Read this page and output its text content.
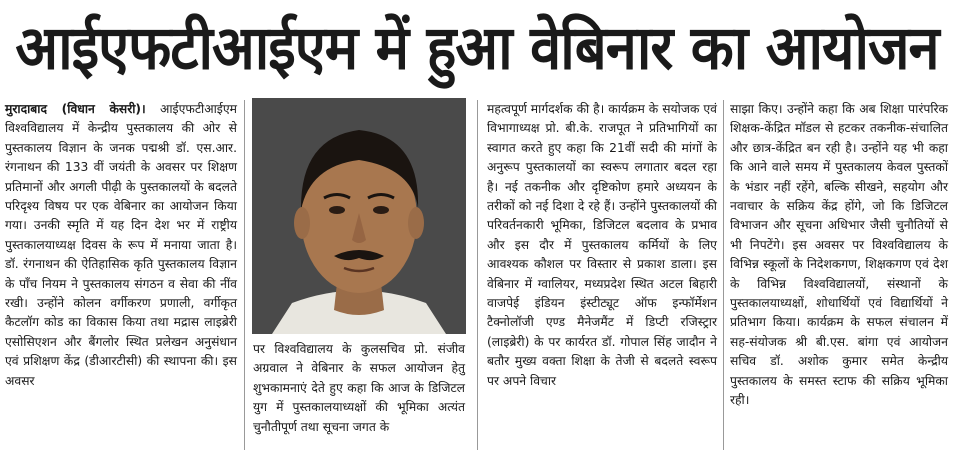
आईएफटीआईएम में हुआ वेबिनार का आयोजन

मुरादाबाद (विधान केसरी)। आईएफटीआईएम विश्वविद्यालय में केन्द्रीय पुस्तकालय की ओर से पुस्तकालय विज्ञान के जनक पद्मश्री डॉ. एस.आर. रंगनाथन की 133 वीं जयंती के अवसर पर शिक्षण प्रतिमानों और अगली पीढ़ी के पुस्तकालयों के बदलते परिदृश्य विषय पर एक वेबिनार का आयोजन किया गया। उनकी स्मृति में यह दिन देश भर में राष्ट्रीय पुस्तकालयाध्यक्ष दिवस के रूप में मनाया जाता है। डॉ. रंगनाथन की ऐतिहासिक कृति पुस्तकालय विज्ञान के पाँच नियम ने पुस्तकालय संगठन व सेवा की नींव रखी। उन्होंने कोलन वर्गीकरण प्रणाली, वर्गीकृत कैटलॉग कोड का विकास किया तथा मद्रास लाइब्रेरी एसोसिएशन और बैंगलोर स्थित प्रलेखन अनुसंधान एवं प्रशिक्षण केंद्र (डीआरटीसी) की स्थापना की। इस अवसर

पर विश्वविद्यालय के कुलसचिव प्रो. संजीव अग्रवाल ने वेबिनार के सफल आयोजन हेतु शुभकामनाएं देते हुए कहा कि आज के डिजिटल युग में पुस्तकालयाध्यक्षों की भूमिका अत्यंत चुनौतीपूर्ण तथा सूचना जगत के

महत्वपूर्ण मार्गदर्शक की है। कार्यक्रम के सयोजक एवं विभागाध्यक्ष प्रो. बी.के. राजपूत ने प्रतिभागियों का स्वागत करते हुए कहा कि 21वीं सदी की मांगों के अनुरूप पुस्तकालयों का स्वरूप लगातार बदल रहा है। नई तकनीक और दृष्टिकोण हमारे अध्ययन के तरीकों को नई दिशा दे रहे हैं। उन्होंने पुस्तकालयों की परिवर्तनकारी भूमिका, डिजिटल बदलाव के प्रभाव और इस दौर में पुस्तकालय कर्मियों के लिए आवश्यक कौशल पर विस्तार से प्रकाश डाला। इस वेबिनार में ग्वालियर, मध्यप्रदेश स्थित अटल बिहारी वाजपेई इंडियन इंस्टीट्यूट ऑफ इन्फॉर्मेशन टैक्नोलॉजी एण्ड मैनेजमैंट में डिप्टी रजिस्ट्रार (लाइब्रेरी) के पर कार्यरत डॉ. गोपाल सिंह जादौन ने बतौर मुख्य वक्ता शिक्षा के तेजी से बदलते स्वरूप पर अपने विचार

साझा किए। उन्होंने कहा कि अब शिक्षा पारंपरिक शिक्षक-केंद्रित मॉडल से हटकर तकनीक-संचालित और छात्र-केंद्रित बन रही है। उन्होंने यह भी कहा कि आने वाले समय में पुस्तकालय केवल पुस्तकों के भंडार नहीं रहेंगे, बल्कि सीखने, सहयोग और नवाचार के सक्रिय केंद्र होंगे, जो कि डिजिटल विभाजन और सूचना अधिभार जैसी चुनौतियों से भी निपटेंगे। इस अवसर पर विश्वविद्यालय के विभिन्न स्कूलों के निदेशकगण, शिक्षकगण एवं देश के विभिन्न विश्वविद्यालयों, संस्थानों के पुस्तकालयाध्यक्षों, शोधार्थियों एवं विद्यार्थियों ने प्रतिभाग किया। कार्यक्रम के सफल संचालन में सह-संयोजक श्री बी.एस. बांगा एवं आयोजन सचिव डॉ. अशोक कुमार समेत केन्द्रीय पुस्तकालय के समस्त स्टाफ की सक्रिय भूमिका रही।
